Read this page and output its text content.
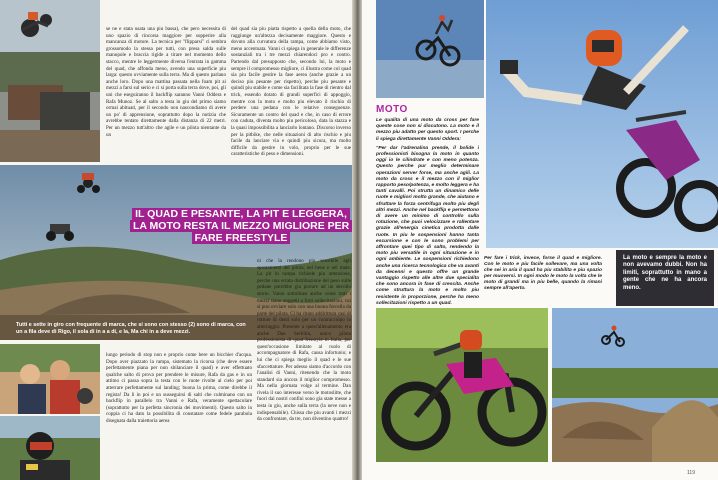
se ne e stata usata una piu bassa), che pero necessita di uno spazio di rincorsa maggiore per sopperire alla mancanza di motore. La tecnica per "flipparsi" ci sembra grossomodo la stessa per tutti, con presa salda sulle manopole e braccia rigide a tirare nel momento dello stacco, mentre le leggermente diversa l'entrata in gamma del quad, che affonda meno, avendo una superficie piu larga: questo ovviamente sulla terra. Ma di questo parlano anche loro. Dopo una mattina passata nella foam pit ai mezzi a farsi sul serio e ci si porta sulla terra dove, poi, gli uni che eseguiranno il backflip saranno Vanni Oddera e Rafa Munoz. Se al salto a testa in giu del primo siamo ormai abituati, per il secondo non nascondiamo di avere un po' di apprensione, soprattutto dopo la notizia che avrebbe tentato direttamente dalla distanza di 22 metri. Per un mezzo tutt'altro che agile e un pilota nientante da un

del quad sia piu piatta rispetto a quella della moto, che raggiunge un'altezza decisamente maggiore. Questo e dovuto alla curvatura della rampa, come abbiamo visto, meno accentuata. Vanni ci spiega in generale le differenze sostanziali tra i tre mezzi chiarendoci pro e contro. Partendo dal presupposto che, secondo lui, la moto e sempre il compromesso migliore, ci illustra come col quad sia piu facile gestire la fase aerea (anche grazie a un deciso piu pesante per rispetto), perche piu pesante e quindi piu stabile e come sia facilitata la fase di rientro dal trick, essendo dotato di grandi superfici di appoggio, mentre con la moto e molto piu elevato il rischio di perdere una pedana con le relative conseguenze. Sicuramente un contro del quad e che, in caso di errore con caduta, diventa molto piu pericoloso, data la stazza e la quasi impossibilita a lanciarlo lontano. Discorso inverso per la pitbike, che nelle situazioni di alto rischio e piu facile da lanciare via e quindi piu sicura, ma molto difficile da gestire in volo, proprio per le sue caratteristiche di peso e dimensioni.

IL QUAD E PESANTE, LA PIT E LEGGERA, LA MOTO RESTA IL MEZZO MIGLIORE PER FARE FREESTYLE
Tutti e sette in giro con frequente di marca, che si sono con stesso (2) sono di marca, con un a fila deve di Rigo, il sola di in a a di, e la, Ma chi in a deve mezzi.

ni che la rendono piu sensibile agli spostamenti del pilota, nel bene e nel male. La pit in rampa richiede piu attenzione, perche una errata distribuzione del peso sulle pedane potrebbe gia portare ad un decollo storto. Vanni sottolinea anche come tutti i mezzi siano soggetti a forti sollecitazioni, cui si puo ovviare solo con una buona forcella da parte del pilota. Ci ha citato addirittura casi di rotture di denti solo per un contraccolpo in atterraggio. Presente a quest'allenamento era anche Dan Serbilin, unico pilota professionista di quad freestyle in Italia, per quest'occasione limitato al ruolo di accompagnatore di Rafa, causa infortunio; e lui che ci spiega meglio il quad e le sue sfaccettature. Per adesso siamo d'accordo con l'analisi di Vanni, ritenendo che la moto standard sia ancora il miglior compromesso. Ma nella giornata volge al termine. Dan rivela il suo interesse verso le motoslitte, che fuori dai nostri confini sono gia state messe a testa in giu, anche sulla terra (la neve non e indispensabile). Chissa che piu avanti i mezzi da confrontare, da tre, non diventino quattro!

lungo periodo di stop non e proprio come bere un bicchier d'acqua. Dopo aver piazzato la rampa, sistemato la ricorsa (che deve essere perfettamente piana per non sbilanciare il quad) e aver effettuato qualche salto di prova per prendere le misure, Rafa da gas e in un attimo ci passa sopra la testa con le ruote rivolte al cielo per poi atterrare perfettamente sul landing; buona la prima, come direbbe il regista! Da li in poi e un susseguirsi di salti che culminano con un backflip in parallelo tra Vanni e Rafa, veramente spettacolare (soprattutto per la perfetta sincronia dei movimenti). Questo salto in coppia ci ha dato la possibilita di constatare come fedele parabola disegnata dalla traiettoria aerea

MOTO

Le qualita di una moto da cross per fare queste cose non si discutono. La moto e il mezzo piu adatto per questo sport. I perche li spiega direttamente Vanni Oddera:

"Per dar l'adrenalina prende, il bolide i professionisti bisogna la moto in quanto oggi io le cilindrate e con meno potenza. Questo perche pur meglio determinare operazioni server forse, ma anche agili. La moto da cross e il mezzo con il miglior rapporto peso/potenza, e molto leggera e ha tanti cavalli. Poi strutta un dinamico delle ruote e migliori molto grande, che aiutano e sfruttare la forza centrifuga molto piu degli altri mezzi. Anche nel backflip e permettono di avere un minimo di controllo sulla rotazione, che puoi velocizzare e rallentare grazie all'energia cinetica prodotta dalle ruote. In piu le sospensioni hanno tanta escursione e con le sono problemi per affrontare quei tipo di salto, rendendo la moto piu versatile in ogni situazione e in ogni ambiente. Le sospensioni richiedono anche una ricerca tecnologica che va avanti da decenni e questo offre un grande vantaggio rispetto alle altre due specialita che sono ancora in fase di crescita. Anche come struttura la moto e molto piu resistente in proporzione, perche ha meno sollecitazioni rispetto a un quad.

Per fare i trick, invece, forse il quad e migliore. Con le moto e piu facile sollevare, ma una volta che sei in aria il quad ha piu stabilita e piu spazio per muoversi. In ogni modo le moto la volta che le moto di grandi ma in piu belle, quando la rimani sempre all'aperto.
La moto e sempre la moto e non avevamo dubbi. Non ha limiti, soprattutto in mano a gente che ne ha ancora meno.
119
